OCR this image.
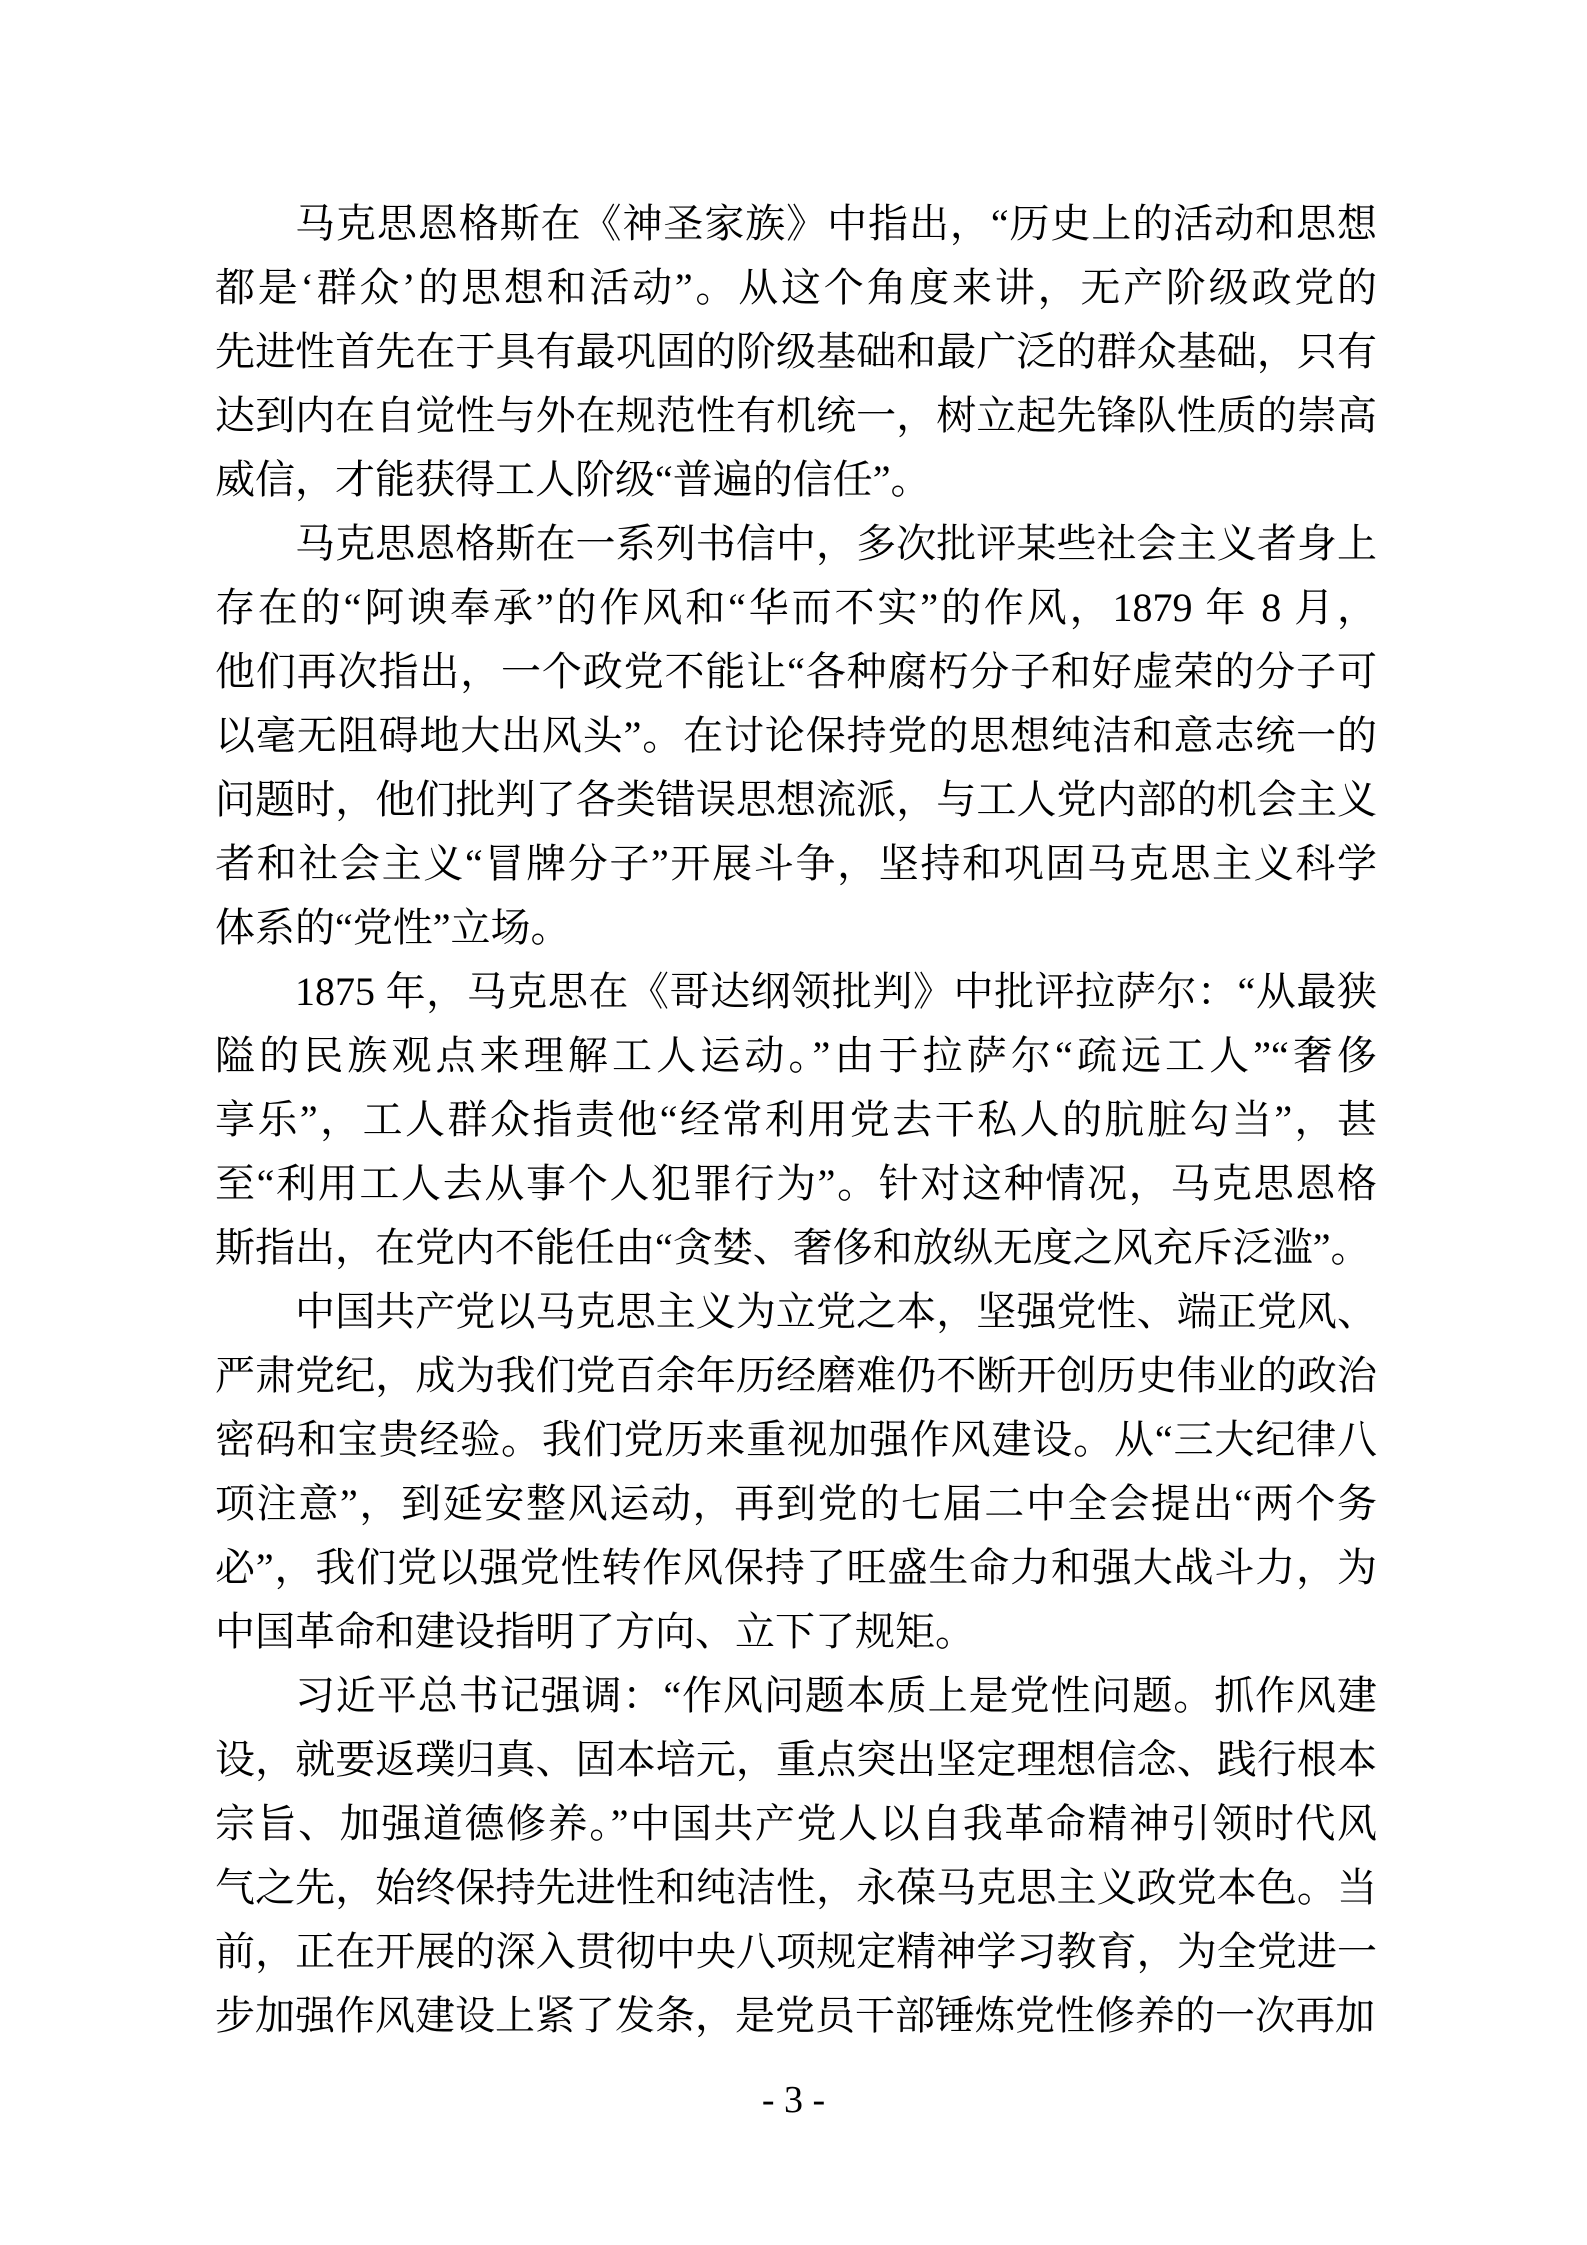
马克思恩格斯在《神圣家族》中指出，“历史上的活动和思想
都是‘群众’的思想和活动”。从这个角度来讲，无产阶级政党的
先进性首先在于具有最巩固的阶级基础和最广泛的群众基础，只有
达到内在自觉性与外在规范性有机统一，树立起先锋队性质的崇高
威信，才能获得工人阶级“普遍的信任”。

马克思恩格斯在一系列书信中，多次批评某些社会主义者身上
存在的“阿谀奉承”的作风和“华而不实”的作风，1879 年 8 月，
他们再次指出，一个政党不能让“各种腐朽分子和好虚荣的分子可
以毫无阻碍地大出风头”。在讨论保持党的思想纯洁和意志统一的
问题时，他们批判了各类错误思想流派，与工人党内部的机会主义
者和社会主义“冒牌分子”开展斗争，坚持和巩固马克思主义科学
体系的“党性”立场。

1875 年，马克思在《哥达纲领批判》中批评拉萨尔：“从最狭
隘的民族观点来理解工人运动。”由于拉萨尔“疏远工人”“奢侈
享乐”，工人群众指责他“经常利用党去干私人的肮脏勾当”，甚
至“利用工人去从事个人犯罪行为”。针对这种情况，马克思恩格
斯指出，在党内不能任由“贪婪、奢侈和放纵无度之风充斥泛滥”。

中国共产党以马克思主义为立党之本，坚强党性、端正党风、
严肃党纪，成为我们党百余年历经磨难仍不断开创历史伟业的政治
密码和宝贵经验。我们党历来重视加强作风建设。从“三大纪律八
项注意”，到延安整风运动，再到党的七届二中全会提出“两个务
必”，我们党以强党性转作风保持了旺盛生命力和强大战斗力，为
中国革命和建设指明了方向、立下了规矩。

习近平总书记强调：“作风问题本质上是党性问题。抓作风建
设，就要返璞归真、固本培元，重点突出坚定理想信念、践行根本
宗旨、加强道德修养。”中国共产党人以自我革命精神引领时代风
气之先，始终保持先进性和纯洁性，永葆马克思主义政党本色。当
前，正在开展的深入贯彻中央八项规定精神学习教育，为全党进一
步加强作风建设上紧了发条，是党员干部锤炼党性修养的一次再加

- 3 -
